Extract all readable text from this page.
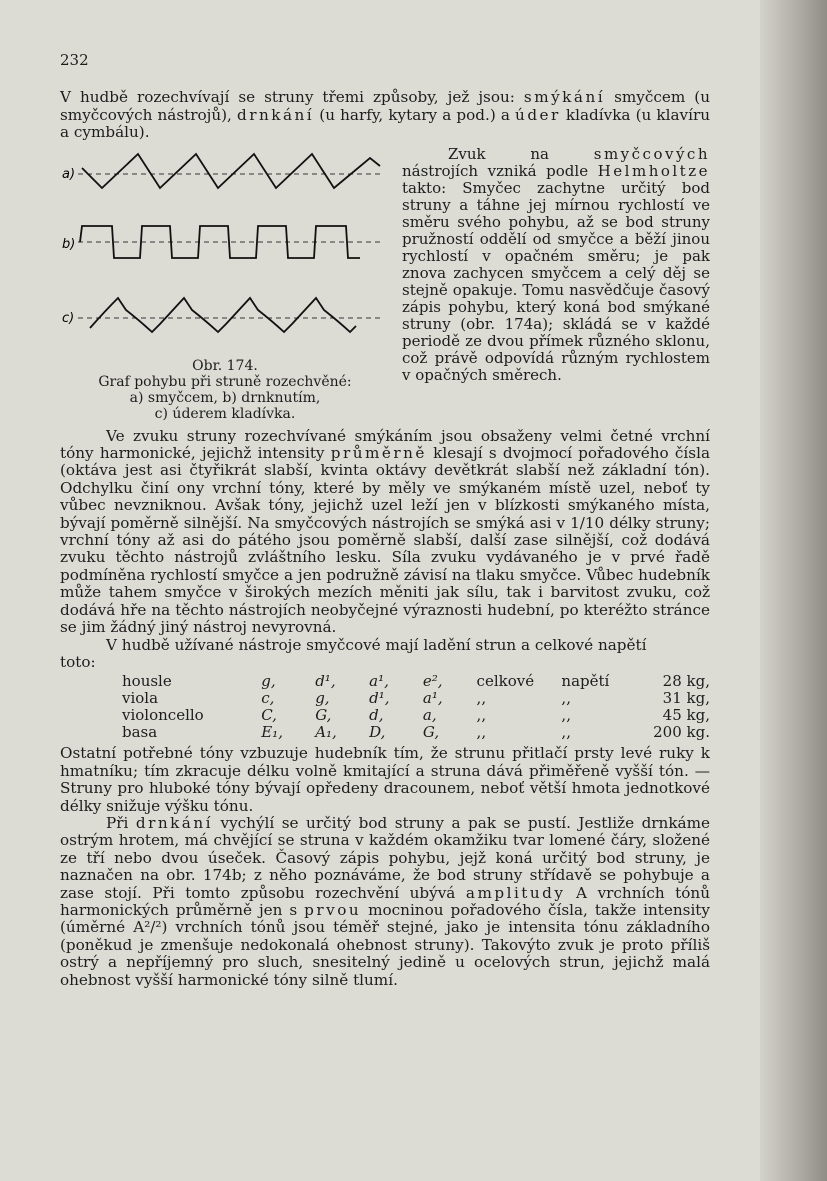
232

V hudbě rozechvívají se struny třemi způsoby, jež jsou: smýkání smyčcem (u smyčcových nástrojů), drnkání (u harfy, kytary a pod.) a úder kladívka (u klavíru a cymbálu).

a)
b)
c)
Obr. 174.
Graf pohybu při struně rozechvěné:
a) smyčcem, b) drnknutím,
c) úderem kladívka.

Zvuk na smyčcových nástrojích vzniká podle Helmholtze takto: Smyčec zachytne určitý bod struny a táhne jej mírnou rychlostí ve směru svého pohybu, až se bod struny pružností oddělí od smyčce a běží jinou rychlostí v opačném směru; je pak znova zachycen smyčcem a celý děj se stejně opakuje. Tomu nasvědčuje časový zápis pohybu, který koná bod smýkané struny (obr. 174a); skládá se v každé periodě ze dvou přímek různého sklonu, což právě odpovídá různým rychlostem v opačných směrech.

Ve zvuku struny rozechvívané smýkáním jsou obsaženy velmi četné vrchní tóny harmonické, jejichž intensity průměrně klesají s dvojmocí pořadového čísla (oktáva jest asi čtyřikrát slabší, kvinta oktávy devětkrát slabší než základní tón). Odchylku činí ony vrchní tóny, které by měly ve smýkaném místě uzel, neboť ty vůbec nevzniknou. Avšak tóny, jejichž uzel leží jen v blízkosti smýkaného místa, bývají poměrně silnější. Na smyčcových nástrojích se smýká asi v 1/10 délky struny; vrchní tóny až asi do pátého jsou poměrně slabší, další zase silnější, což dodává zvuku těchto nástrojů zvláštního lesku. Síla zvuku vydávaného je v prvé řadě podmíněna rychlostí smyčce a jen podružně závisí na tlaku smyčce. Vůbec hudebník může tahem smyčce v širokých mezích měniti jak sílu, tak i barvitost zvuku, což dodává hře na těchto nástrojích neobyčejné výraznosti hudební, po kteréžto stránce se jim žádný jiný nástroj nevyrovná.

V hudbě užívané nástroje smyčcové mají ladění strun a celkové napětí

toto:

housle	g,	d¹,	a¹,	e²,	celkové	napětí	28 kg,
viola	c,	g,	d¹,	a¹,	,,	,,	31 kg,
violoncello	C,	G,	d,	a,	,,	,,	45 kg,
basa	E₁,	A₁,	D,	G,	,,	,,	200 kg.

Ostatní potřebné tóny vzbuzuje hudebník tím, že strunu přitlačí prsty levé ruky k hmatníku; tím zkracuje délku volně kmitající a struna dává přiměřeně vyšší tón. — Struny pro hluboké tóny bývají opředeny dracounem, neboť větší hmota jednotkové délky snižuje výšku tónu.

Při drnkání vychýlí se určitý bod struny a pak se pustí. Jestliže drnkáme ostrým hrotem, má chvějící se struna v každém okamžiku tvar lomené čáry, složené ze tří nebo dvou úseček. Časový zápis pohybu, jejž koná určitý bod struny, je naznačen na obr. 174b; z něho poznáváme, že bod struny střídavě se pohybuje a zase stojí. Při tomto způsobu rozechvění ubývá amplitudy A vrchních tónů harmonických průměrně jen s prvou mocninou pořadového čísla, takže intensity (úměrné A²/²) vrchních tónů jsou téměř stejné, jako je intensita tónu základního (poněkud je zmenšuje nedokonalá ohebnost struny). Takovýto zvuk je proto příliš ostrý a nepříjemný pro sluch, snesitelný jedině u ocelových strun, jejichž malá ohebnost vyšší harmonické tóny silně tlumí.
